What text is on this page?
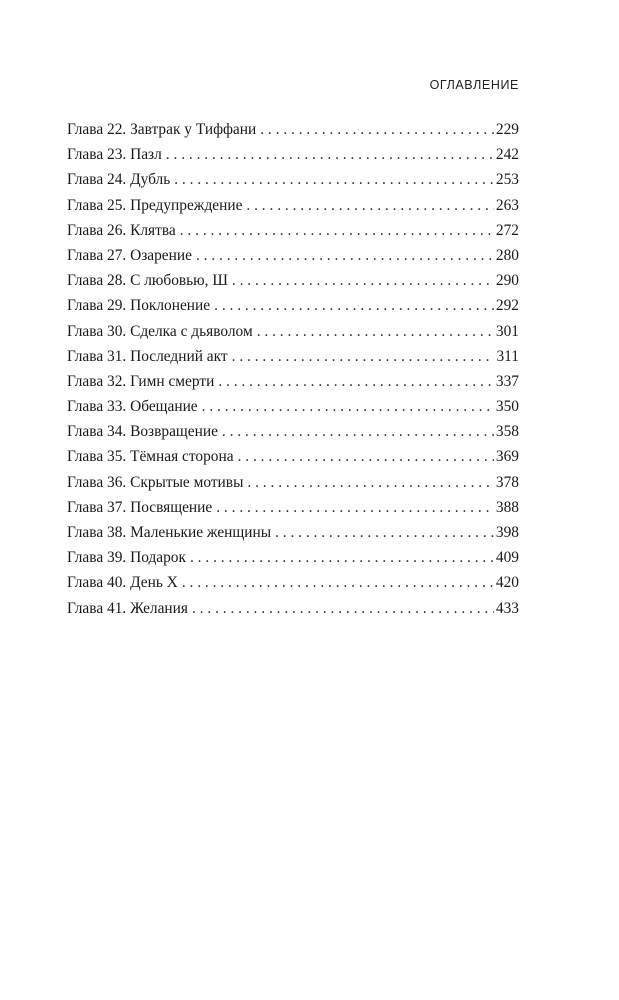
ОГЛАВЛЕНИЕ
Глава 22. Завтрак у Тиффани . . .	229
Глава 23. Пазл . . .	242
Глава 24. Дубль . . .	253
Глава 25. Предупреждение . . .	263
Глава 26. Клятва . . .	272
Глава 27. Озарение . . .	280
Глава 28. С любовью, Ш . . .	290
Глава 29. Поклонение . . .	292
Глава 30. Сделка с дьяволом . . .	301
Глава 31. Последний акт . . .	311
Глава 32. Гимн смерти . . .	337
Глава 33. Обещание . . .	350
Глава 34. Возвращение . . .	358
Глава 35. Тёмная сторона . . .	369
Глава 36. Скрытые мотивы . . .	378
Глава 37. Посвящение . . .	388
Глава 38. Маленькие женщины . . .	398
Глава 39. Подарок . . .	409
Глава 40. День Х . . .	420
Глава 41. Желания . . .	433
